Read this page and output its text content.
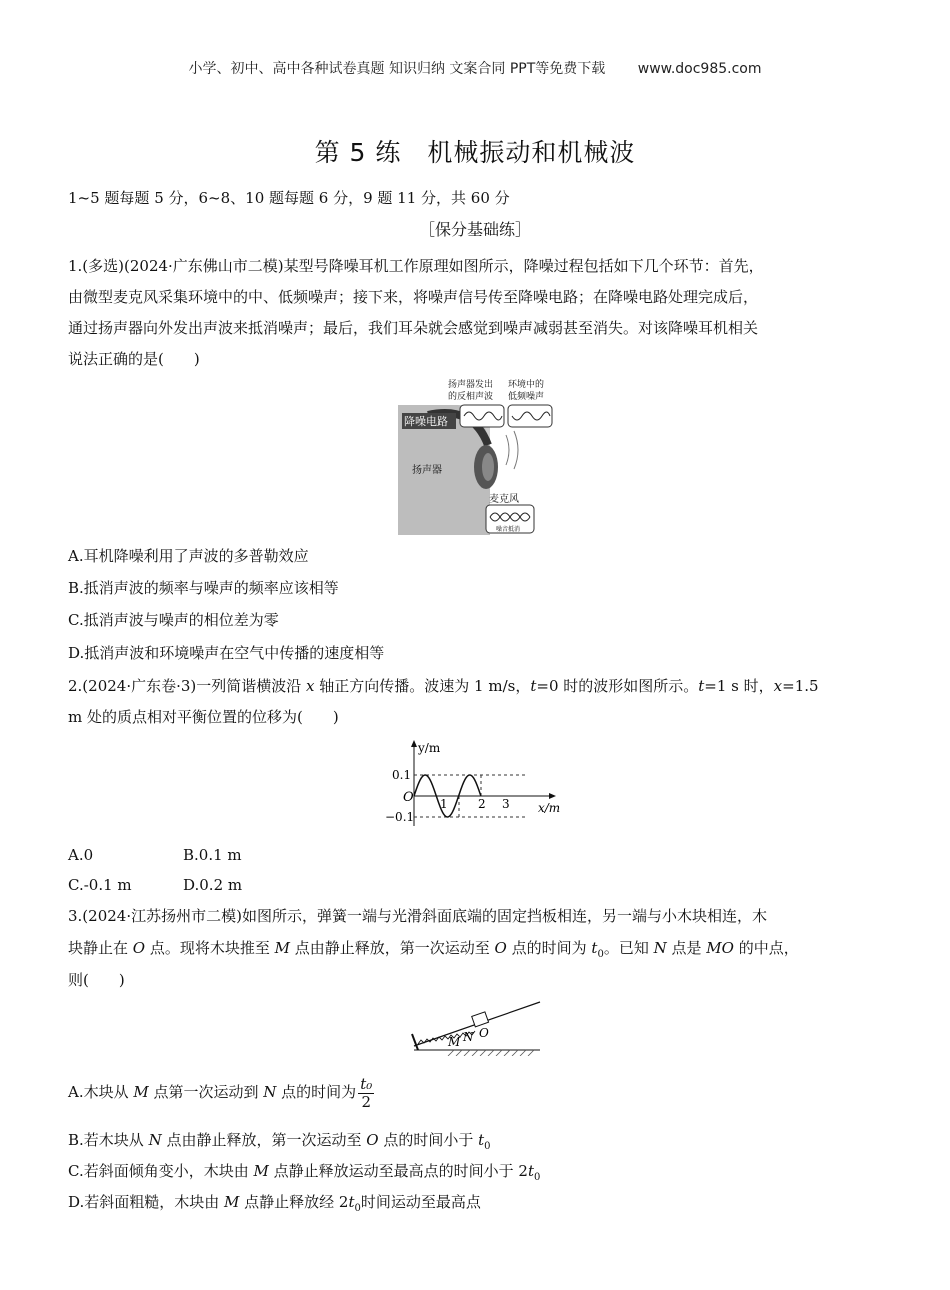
小学、初中、高中各种试卷真题 知识归纳 文案合同 PPT等免费下载 www.doc985.com
第 5 练　机械振动和机械波
1~5 题每题 5 分，6~8、10 题每题 6 分，9 题 11 分，共 60 分
［保分基础练］
1.(多选)(2024·广东佛山市二模)某型号降噪耳机工作原理如图所示，降噪过程包括如下几个环节：首先，
由微型麦克风采集环境中的中、低频噪声；接下来，将噪声信号传至降噪电路；在降噪电路处理完成后，
通过扬声器向外发出声波来抵消噪声；最后，我们耳朵就会感觉到噪声减弱甚至消失。对该降噪耳机相关
说法正确的是(　　)
降噪电路
扬声器
麦克风
扬声器发出
的反相声波
环境中的
低频噪声
噪音抵消
A.耳机降噪利用了声波的多普勒效应
B.抵消声波的频率与噪声的频率应该相等
C.抵消声波与噪声的相位差为零
D.抵消声波和环境噪声在空气中传播的速度相等
2.(2024·广东卷·3)一列简谐横波沿 x 轴正方向传播。波速为 1 m/s，t=0 时的波形如图所示。t=1 s 时，x=1.5
m 处的质点相对平衡位置的位移为(　　)
y/m
x/m
O
0.1
−0.1
1	2 3
A.0	B.0.1 m
C.-0.1 m	D.0.2 m
3.(2024·江苏扬州市二模)如图所示，弹簧一端与光滑斜面底端的固定挡板相连，另一端与小木块相连，木
块静止在 O 点。现将木块推至 M 点由静止释放，第一次运动至 O 点的时间为 $t_0$。已知 N 点是 MO 的中点，
则(　　)
M N O
A.木块从 M 点第一次运动到 N 点的时间为 $\frac{\text{t₀}}{2}$
B.若木块从 N 点由静止释放，第一次运动至 O 点的时间小于 $t_0$
C.若斜面倾角变小，木块由 M 点静止释放运动至最高点的时间小于 $2t_0$
D.若斜面粗糙，木块由 M 点静止释放经 $2t_0$时间运动至最高点
